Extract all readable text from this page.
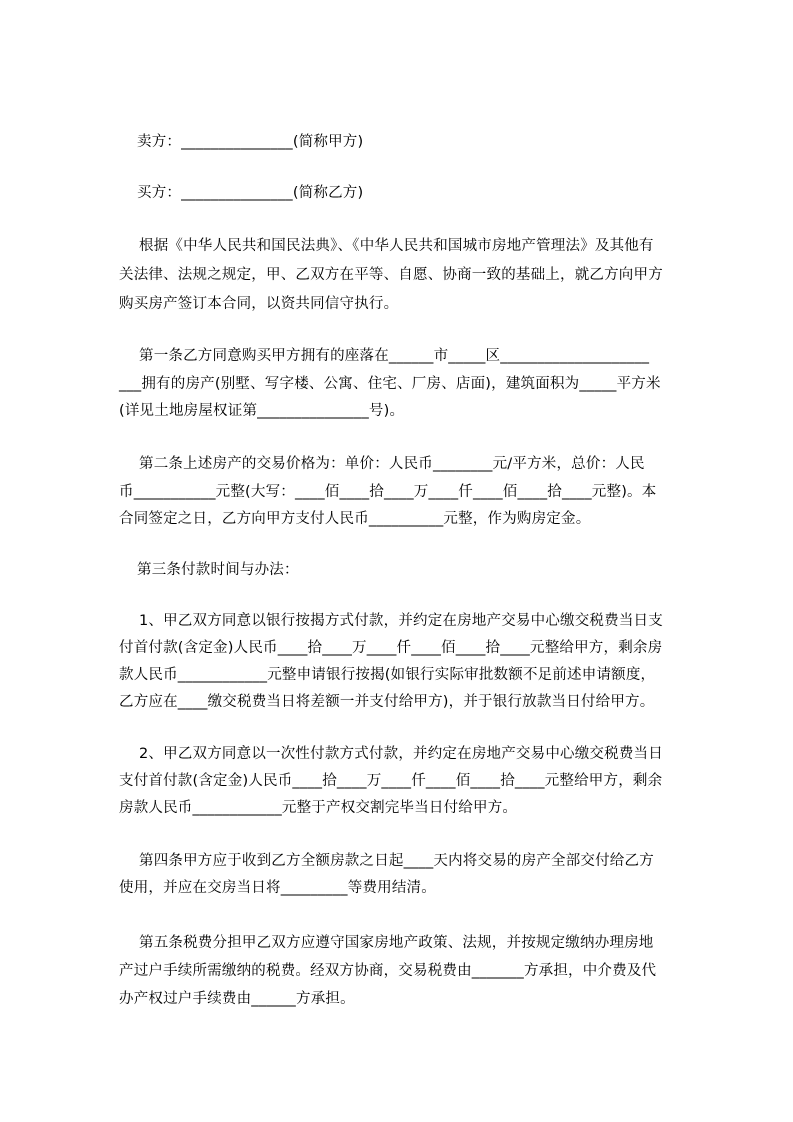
卖方：_______________(简称甲方)

买方：_______________(简称乙方)

根据《中华人民共和国民法典》、《中华人民共和国城市房地产管理法》及其他有

关法律、法规之规定，甲、乙双方在平等、自愿、协商一致的基础上，就乙方向甲方

购买房产签订本合同，以资共同信守执行。

第一条乙方同意购买甲方拥有的座落在______市_____区____________________

___拥有的房产(别墅、写字楼、公寓、住宅、厂房、店面)，建筑面积为_____平方米

(详见土地房屋权证第_______________号)。

第二条上述房产的交易价格为：单价：人民币________元/平方米，总价：人民

币___________元整(大写：____佰____拾____万____仟____佰____拾____元整)。本

合同签定之日，乙方向甲方支付人民币__________元整，作为购房定金。

第三条付款时间与办法：

1、甲乙双方同意以银行按揭方式付款，并约定在房地产交易中心缴交税费当日支

付首付款(含定金)人民币____拾____万____仟____佰____拾____元整给甲方，剩余房

款人民币____________元整申请银行按揭(如银行实际审批数额不足前述申请额度，

乙方应在____缴交税费当日将差额一并支付给甲方)，并于银行放款当日付给甲方。

2、甲乙双方同意以一次性付款方式付款，并约定在房地产交易中心缴交税费当日

支付首付款(含定金)人民币____拾____万____仟____佰____拾____元整给甲方，剩余

房款人民币____________元整于产权交割完毕当日付给甲方。

第四条甲方应于收到乙方全额房款之日起____天内将交易的房产全部交付给乙方

使用，并应在交房当日将_________等费用结清。

第五条税费分担甲乙双方应遵守国家房地产政策、法规，并按规定缴纳办理房地

产过户手续所需缴纳的税费。经双方协商，交易税费由_______方承担，中介费及代

办产权过户手续费由______方承担。
